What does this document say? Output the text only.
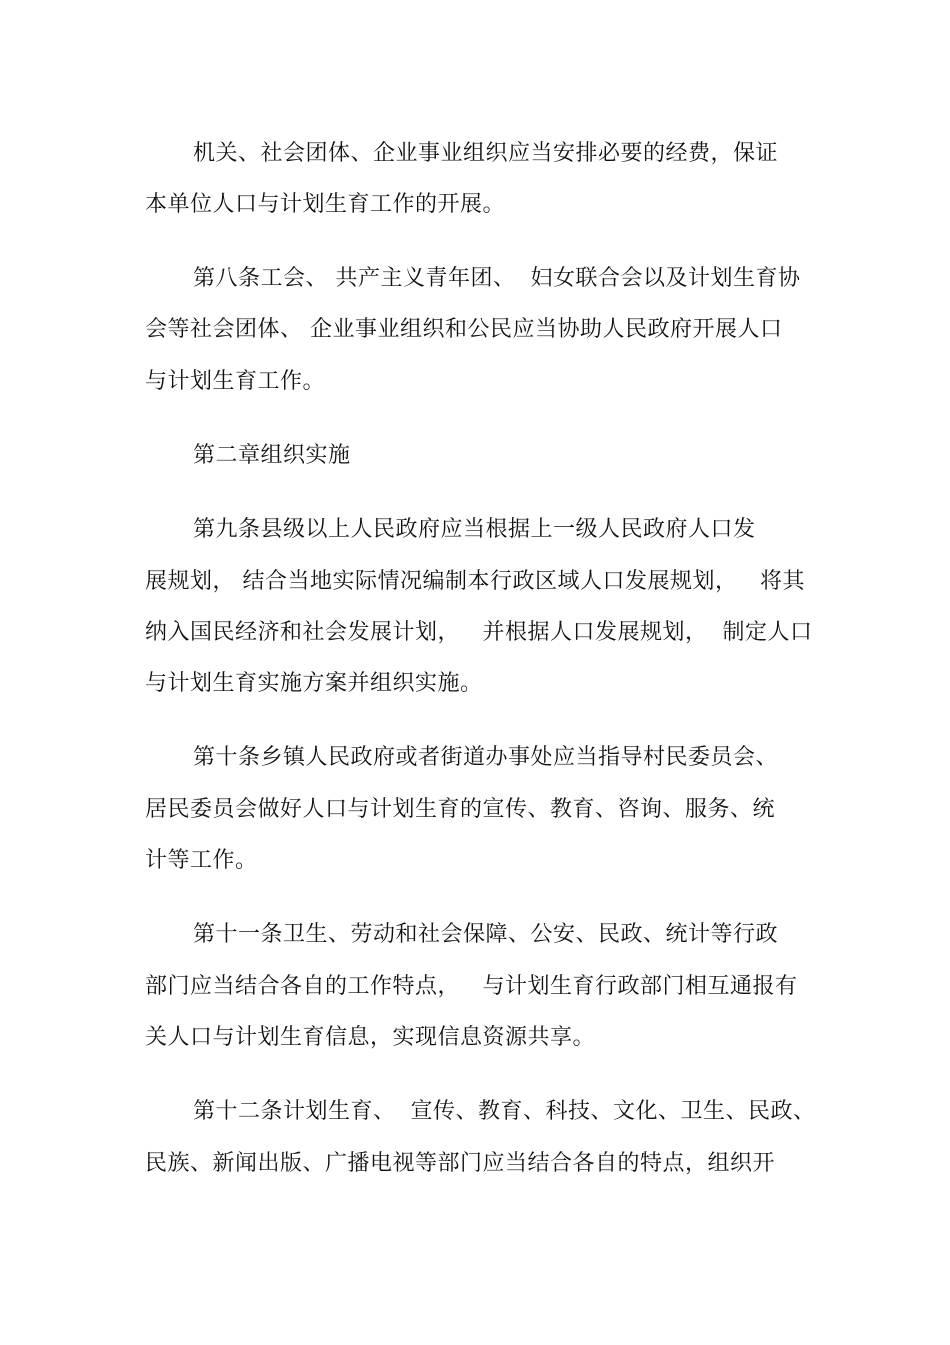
机关、社会团体、企业事业组织应当安排必要的经费，保证

本单位人口与计划生育工作的开展。

第八条工会、 共产主义青年团、  妇女联合会以及计划生育协

会等社会团体、 企业事业组织和公民应当协助人民政府开展人口

与计划生育工作。

第二章组织实施

第九条县级以上人民政府应当根据上一级人民政府人口发

展规划， 结合当地实际情况编制本行政区域人口发展规划，   将其

纳入国民经济和社会发展计划，   并根据人口发展规划，  制定人口

与计划生育实施方案并组织实施。

第十条乡镇人民政府或者街道办事处应当指导村民委员会、

居民委员会做好人口与计划生育的宣传、教育、咨询、服务、统

计等工作。

第十一条卫生、劳动和社会保障、公安、民政、统计等行政

部门应当结合各自的工作特点，   与计划生育行政部门相互通报有

关人口与计划生育信息，实现信息资源共享。

第十二条计划生育、  宣传、教育、科技、文化、卫生、民政、

民族、新闻出版、广播电视等部门应当结合各自的特点，组织开
